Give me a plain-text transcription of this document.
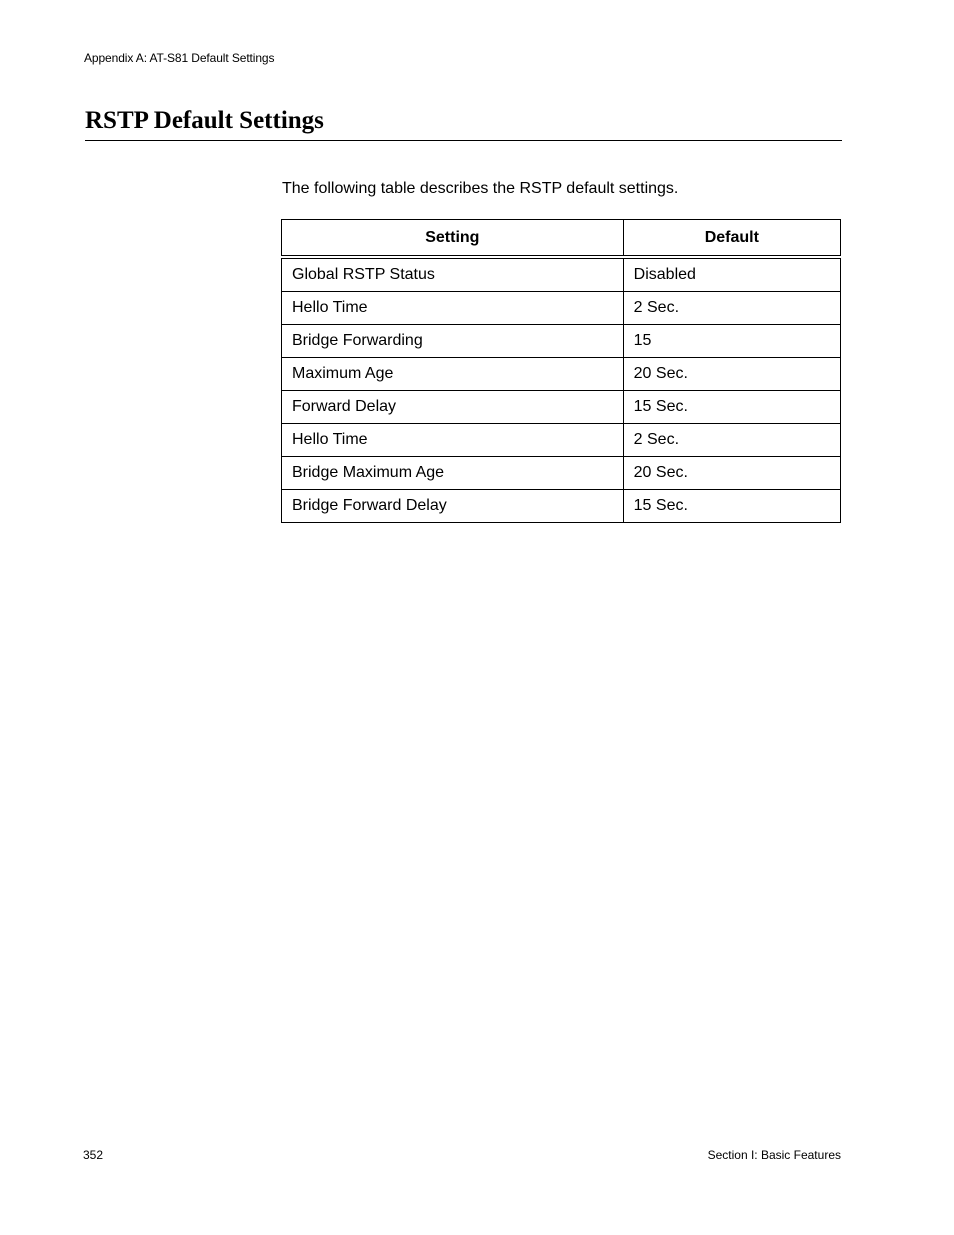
Appendix A: AT-S81 Default Settings
RSTP Default Settings

The following table describes the RSTP default settings.

Setting	Default
Global RSTP Status	Disabled
Hello Time	2 Sec.
Bridge Forwarding	15
Maximum Age	20 Sec.
Forward Delay	15 Sec.
Hello Time	2 Sec.
Bridge Maximum Age	20 Sec.
Bridge Forward Delay	15 Sec.
352	Section I: Basic Features
